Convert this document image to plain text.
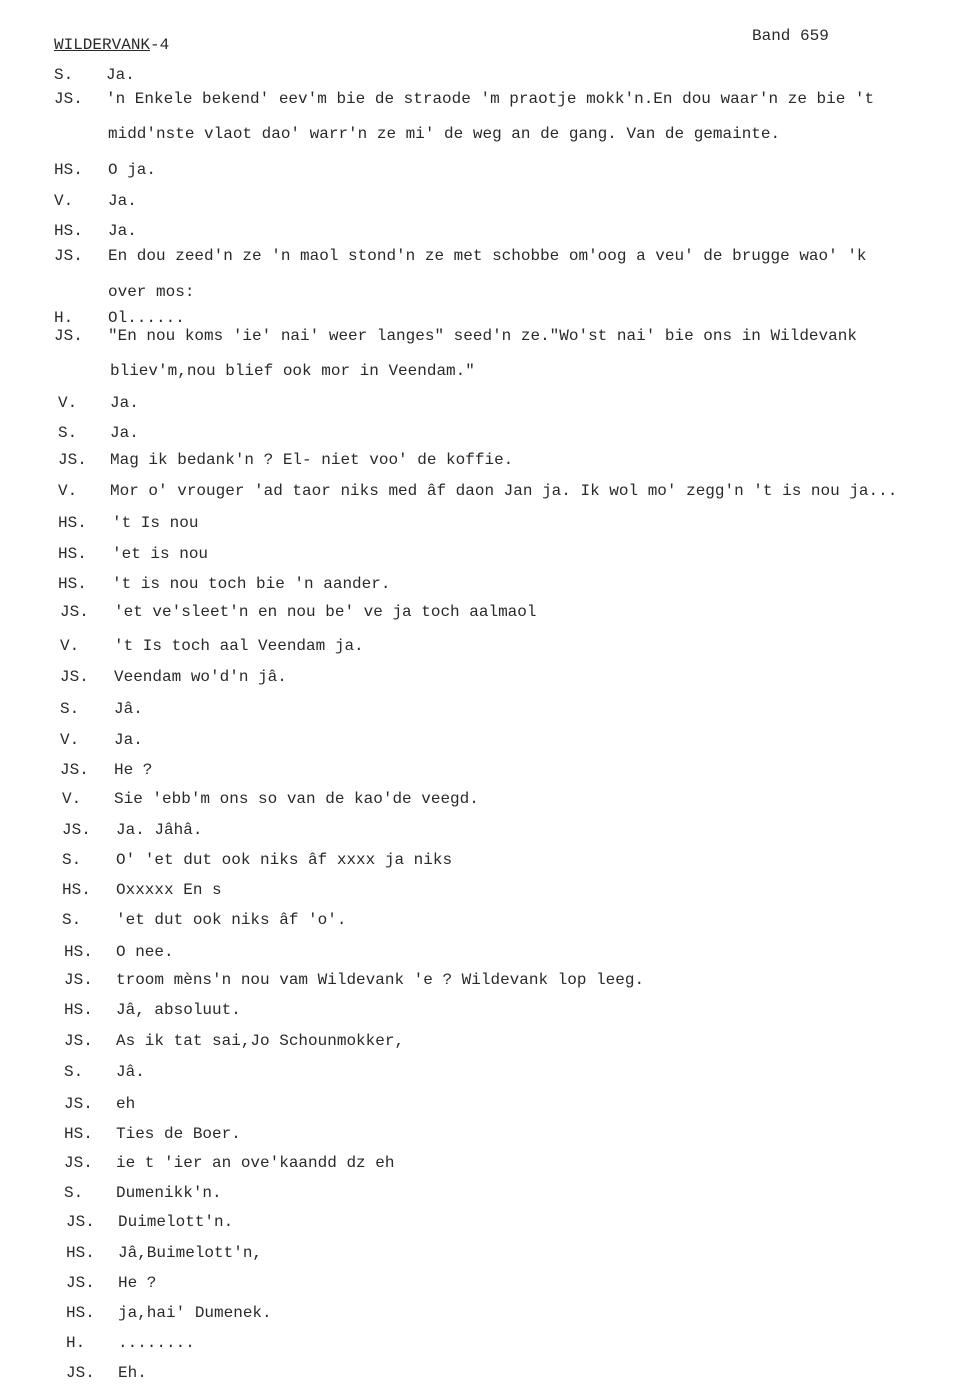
WILDERVANK-4	Band 659
S. Ja.
JS. 'n Enkele bekend' eev'm bie de straode 'm praotje mokk'n.En dou waar'n ze bie 't
midd'nste vlaot dao' warr'n ze mi' de weg an de gang. Van de gemainte.
HS. O ja.
V. Ja.
HS. Ja.
JS. En dou zeed'n ze 'n maol stond'n ze met schobbe om'oog a veu' de brugge wao' 'k
over mos:
H. Ol......
JS. "En nou koms 'ie' nai' weer langes" seed'n ze."Wo'st nai' bie ons in Wildevank
bliev'm,nou blief ook mor in Veendam."
V. Ja.
S. Ja.
JS. Mag ik bedank'n ? El- niet voo' de koffie.
V. Mor o' vrouger 'ad taor niks med âf daon Jan ja. Ik wol mo' zegg'n 't is nou ja...
HS. 't Is nou
HS. 'et is nou
HS. 't is nou toch bie 'n aander.
JS. 'et ve'sleet'n en nou be' ve ja toch aalmaol
V. 't Is toch aal Veendam ja.
JS. Veendam wo'd'n jâ.
S. Jâ.
V. Ja.
JS. He ?
V. Sie 'ebb'm ons so van de kao'de veegd.
JS. Ja. Jâhâ.
S. O' 'et dut ook niks âf xxxx ja niks
HS. Oxxxxx En s
S. 'et dut ook niks âf 'o'.
HS. O nee.
JS. troom mèns'n nou vam Wildevank 'e ? Wildevank lop leeg.
HS. Jâ, absoluut.
JS. As ik tat sai,Jo Schounmokker,
S. Jâ.
JS. eh
HS. Ties de Boer.
JS. ie t 'ier an ove'kaandd dz eh
S. Dumenikk'n.
JS. Duimelott'n.
HS. Jâ,Buimelott'n,
JS. He ?
HS. ja,hai' Dumenek.
H. ........
JS. Eh.
